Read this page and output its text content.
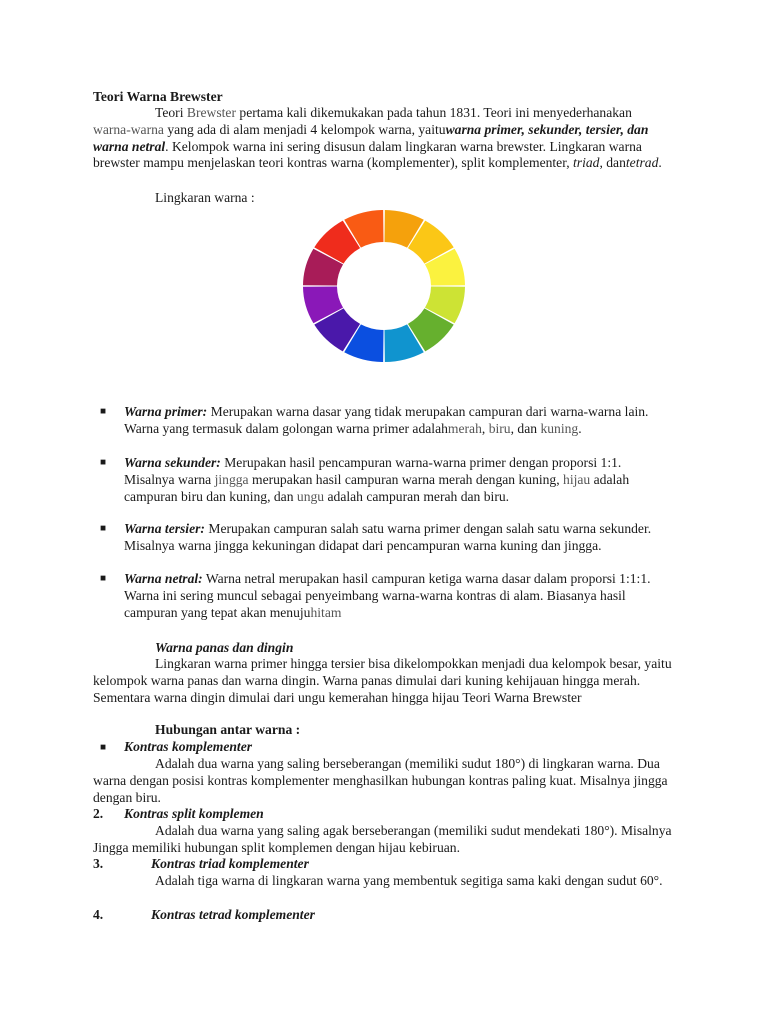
Teori Warna Brewster
Teori Brewster pertama kali dikemukakan pada tahun 1831. Teori ini menyederhanakan warna-warna yang ada di alam menjadi 4 kelompok warna, yaituwarna primer, sekunder, tersier, dan warna netral. Kelompok warna ini sering disusun dalam lingkaran warna brewster. Lingkaran warna brewster mampu menjelaskan teori kontras warna (komplementer), split komplementer, triad, dantetrad.
Lingkaran warna :
■ Warna primer: Merupakan warna dasar yang tidak merupakan campuran dari warna-warna lain. Warna yang termasuk dalam golongan warna primer adalahmerah, biru, dan kuning.
■ Warna sekunder: Merupakan hasil pencampuran warna-warna primer dengan proporsi 1:1. Misalnya warna jingga merupakan hasil campuran warna merah dengan kuning, hijau adalah campuran biru dan kuning, dan ungu adalah campuran merah dan biru.
■ Warna tersier: Merupakan campuran salah satu warna primer dengan salah satu warna sekunder. Misalnya warna jingga kekuningan didapat dari pencampuran warna kuning dan jingga.
■ Warna netral: Warna netral merupakan hasil campuran ketiga warna dasar dalam proporsi 1:1:1. Warna ini sering muncul sebagai penyeimbang warna-warna kontras di alam. Biasanya hasil campuran yang tepat akan menujuhitam
Warna panas dan dingin
Lingkaran warna primer hingga tersier bisa dikelompokkan menjadi dua kelompok besar, yaitu kelompok warna panas dan warna dingin. Warna panas dimulai dari kuning kehijauan hingga merah. Sementara warna dingin dimulai dari ungu kemerahan hingga hijau Teori Warna Brewster
Hubungan antar warna :
■ Kontras komplementer
Adalah dua warna yang saling berseberangan (memiliki sudut 180°) di lingkaran warna. Dua warna dengan posisi kontras komplementer menghasilkan hubungan kontras paling kuat. Misalnya jingga dengan biru.
2. Kontras split komplemen
Adalah dua warna yang saling agak berseberangan (memiliki sudut mendekati 180°). Misalnya Jingga memiliki hubungan split komplemen dengan hijau kebiruan.
3.	Kontras triad komplementer
Adalah tiga warna di lingkaran warna yang membentuk segitiga sama kaki dengan sudut 60°.
4.	Kontras tetrad komplementer
